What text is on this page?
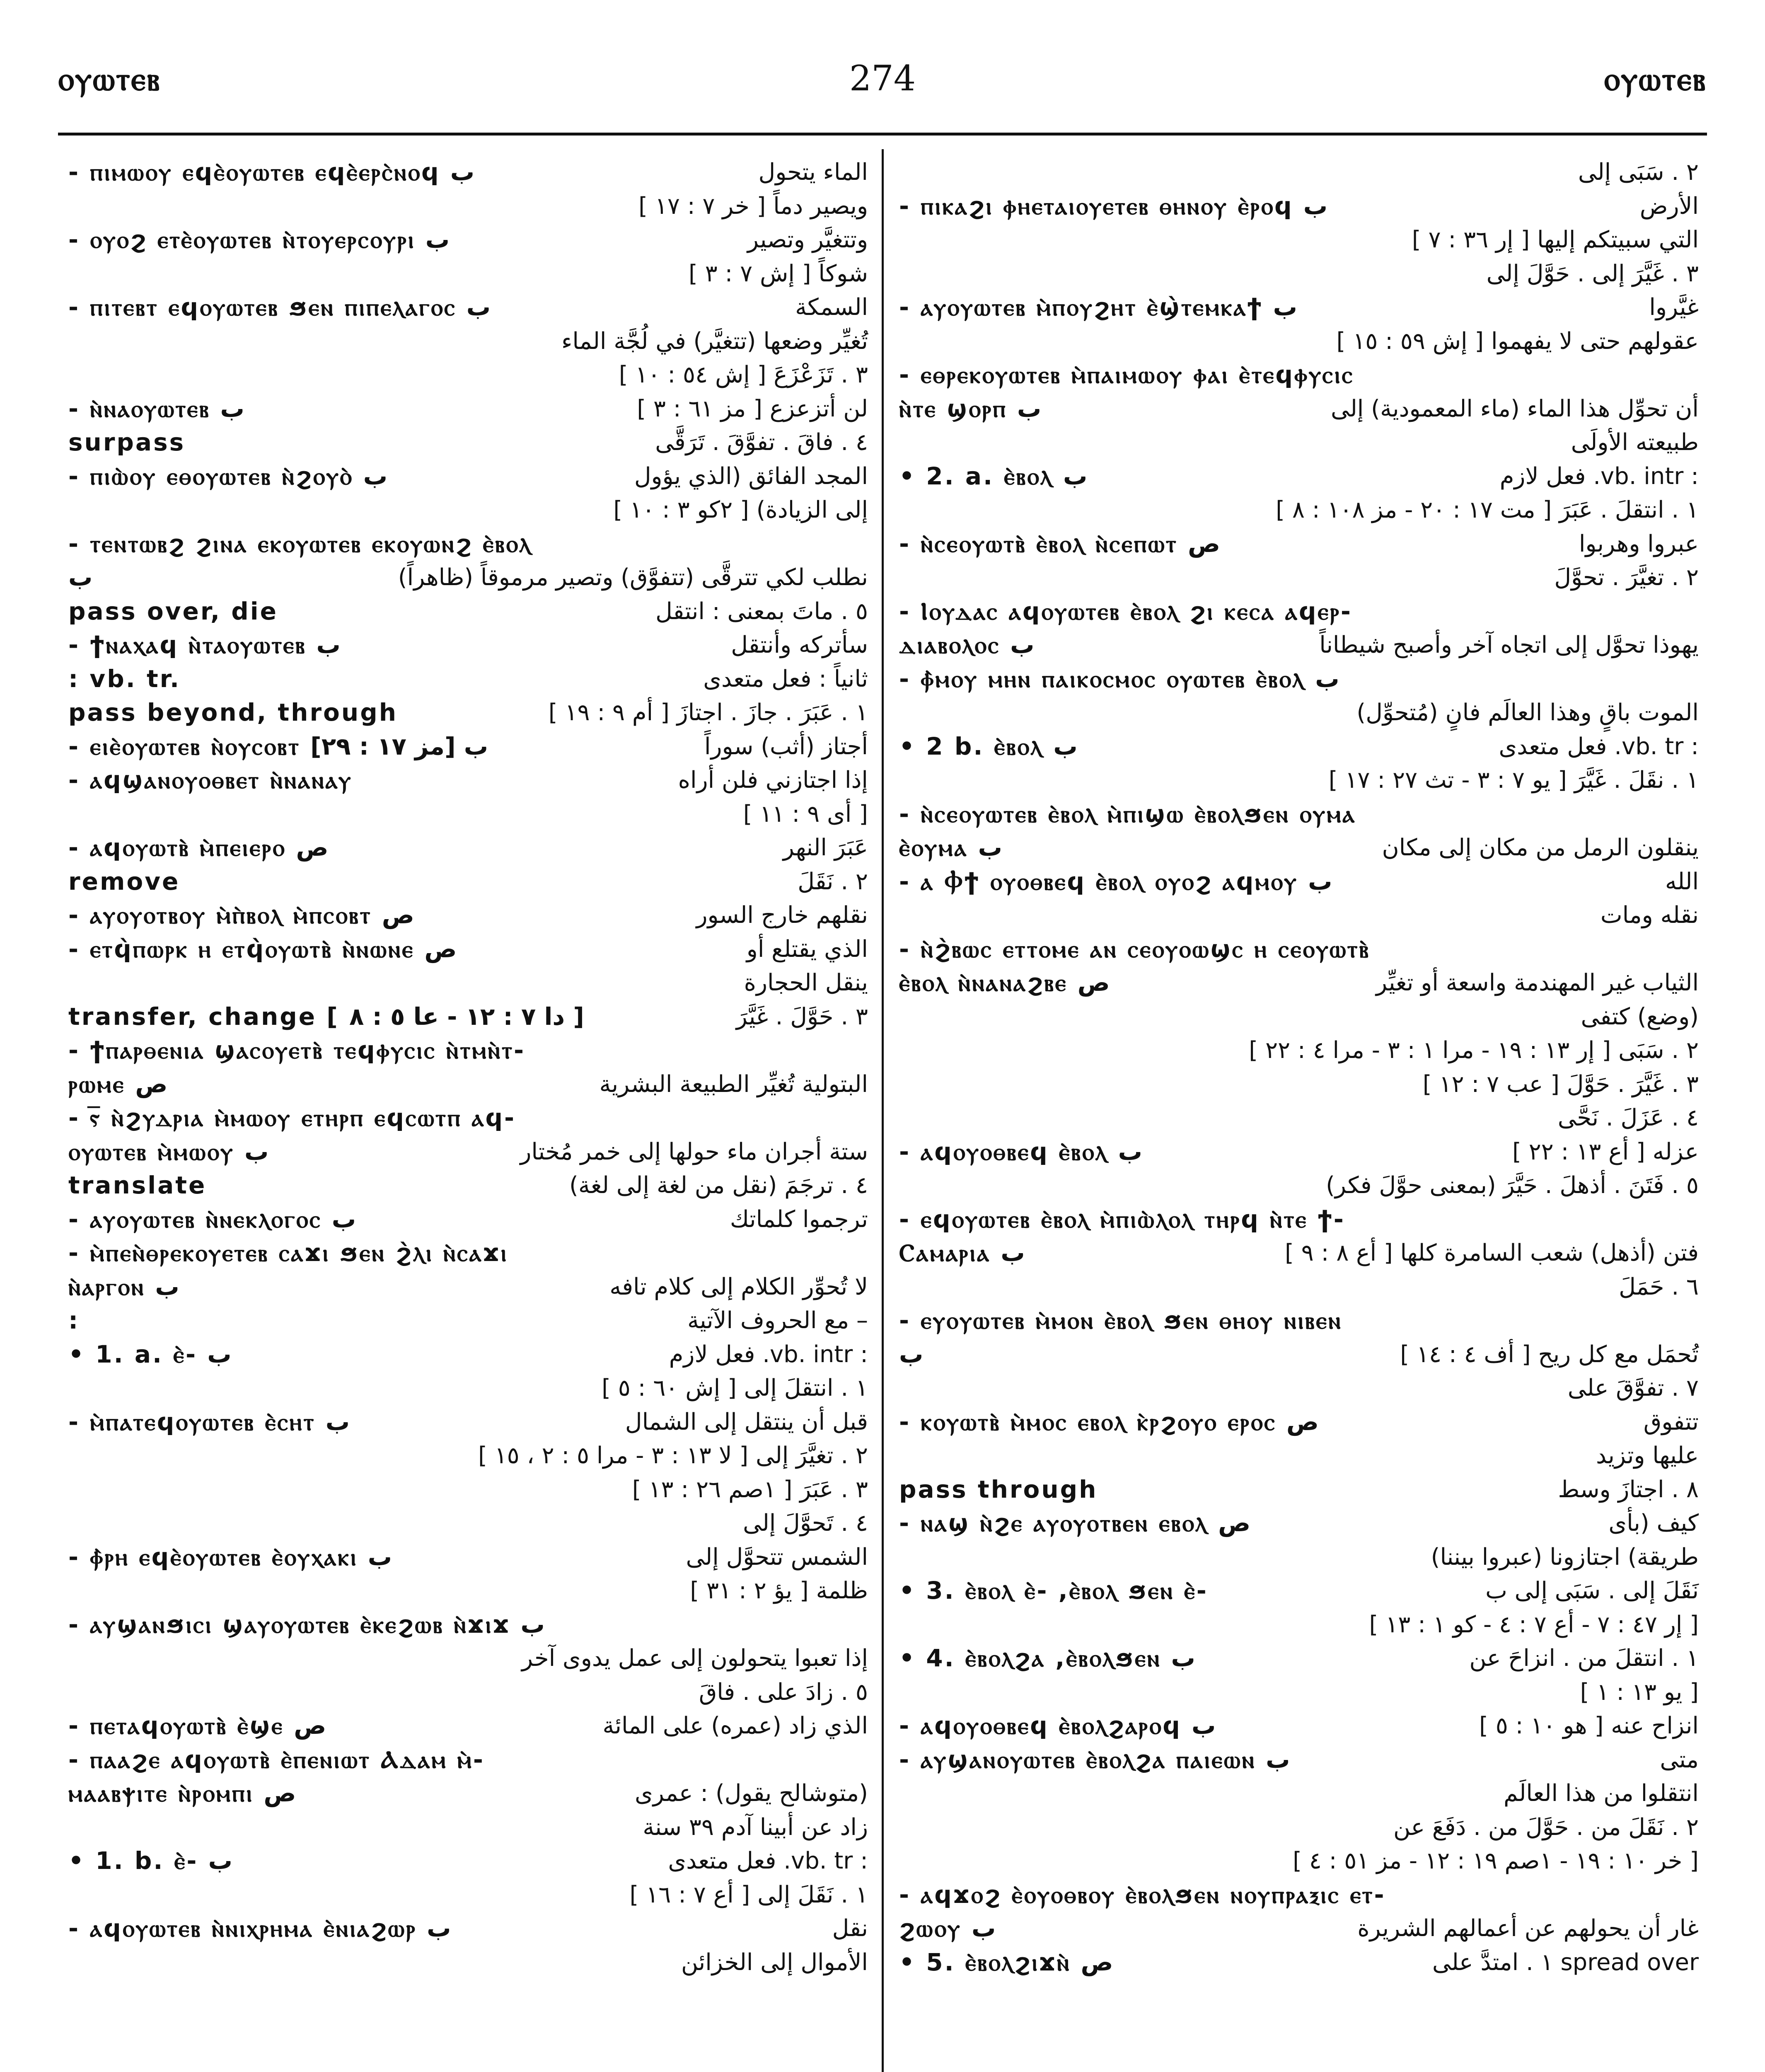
ⲟⲩⲱⲧⲉⲃ	274	ⲟⲩⲱⲧⲉⲃ
- ⲡⲓⲙⲱⲟⲩ ⲉϥⲉ̀ⲟⲩⲱⲧⲉⲃ ⲉϥⲉ̀ⲉⲣⲥ̀ⲛⲟϥ ب	الماء يتحول
ويصير دماً [ خر ٧ : ١٧ ]
- ⲟⲩⲟϩ ⲉⲧⲉ̀ⲟⲩⲱⲧⲉⲃ ⲛ̀ⲧⲟⲩⲉⲣⲥⲟⲩⲣⲓ ب	وتتغيَّر وتصير
شوكاً [ إش ٧ : ٣ ]
- ⲡⲓⲧⲉⲃⲧ ⲉϥⲟⲩⲱⲧⲉⲃ ϧⲉⲛ ⲡⲓⲡⲉⲗⲁⲅⲟⲥ ب	السمكة
تُغيِّر وضعها (تتغيَّر) في لُجَّة الماء
٣ . تَزَعْزَعَ [ إش ٥٤ : ١٠ ]
- ⲛ̀ⲛⲁⲟⲩⲱⲧⲉⲃ ب	لن أتزعزع [ مز ٦١ : ٣ ]
surpass	٤ . فاقَ . تفوَّقَ . تَرَقَّى
- ⲡⲓⲱ̀ⲟⲩ ⲉⲑⲟⲩⲱⲧⲉⲃ ⲛ̀ϩⲟⲩⲟ̀ ب	المجد الفائق (الذي يؤول
إلى الزيادة) [ ٢كو ٣ : ١٠ ]
- ⲧⲉⲛⲧⲱⲃϩ ϩⲓⲛⲁ ⲉⲕⲟⲩⲱⲧⲉⲃ ⲉⲕⲟⲩⲱⲛϩ ⲉ̀ⲃⲟⲗ
ب	نطلب لكي تترقَّى (تتفوَّق) وتصير مرموقاً (ظاهراً)
pass over, die	٥ . ماتَ بمعنى : انتقل
- ϯⲛⲁⲭⲁϥ ⲛ̀ⲧⲁⲟⲩⲱⲧⲉⲃ ب	سأتركه وأنتقل
: vb. tr.	ثانياً : فعل متعدى
pass beyond, through	١ . عَبَرَ . جازَ . اجتازَ [ أم ٩ : ١٩ ]
- ⲉⲓⲉ̀ⲟⲩⲱⲧⲉⲃ ⲛ̀ⲟⲩⲥⲟⲃⲧ ب [مز ١٧ : ٢٩]	أجتاز (أثب) سوراً
- ⲁϥϣⲁⲛⲟⲩⲟⲑⲃⲉⲧ ⲛ̀ⲛⲁⲛⲁⲩ	إذا اجتازني فلن أراه
[ أى ٩ : ١١ ]
- ⲁϥⲟⲩⲱⲧⲃ̀ ⲙ̀ⲡⲉⲓⲉⲣⲟ ص	عَبَرَ النهر
remove	٢ . نَقَلَ
- ⲁⲩⲟⲩⲟⲧⲃⲟⲩ ⲙ̀ⲡ̀ⲃⲟⲗ ⲙ̀ⲡⲥⲟⲃⲧ ص	نقلهم خارج السور
- ⲉⲧϥ̀ⲡⲱⲣⲕ ⲏ ⲉⲧϥ̀ⲟⲩⲱⲧⲃ̀ ⲛ̀ⲛⲱⲛⲉ ص	الذي يقتلع أو
ينقل الحجارة
transfer, change [ دا ٧ : ١٢ - عا ٥ : ٨ ]	٣ . حَوَّلَ . غَيَّرَ
- ϯⲡⲁⲣⲑⲉⲛⲓⲁ ϣⲁⲥⲟⲩⲉⲧⲃ̀ ⲧⲉϥⲫⲩⲥⲓⲥ ⲛ̀ⲧⲙⲛ̀ⲧ-
ⲣⲱⲙⲉ ص	البتولية تُغيِّر الطبيعة البشرية
- ⲋ̅ ⲛ̀ϩⲩⲇⲣⲓⲁ ⲙ̀ⲙⲱⲟⲩ ⲉⲧⲏⲣⲡ ⲉϥⲥⲱⲧⲡ ⲁϥ-
ⲟⲩⲱⲧⲉⲃ ⲙ̀ⲙⲱⲟⲩ ب	ستة أجران ماء حولها إلى خمر مُختار
translate	٤ . ترجَمَ (نقل من لغة إلى لغة)
- ⲁⲩⲟⲩⲱⲧⲉⲃ ⲛ̀ⲛⲉⲕⲗⲟⲅⲟⲥ ب	ترجموا كلماتك
- ⲙ̀ⲡⲉⲛ̀ⲑⲣⲉⲕⲟⲩⲉⲧⲉⲃ ⲥⲁϫⲓ ϧⲉⲛ ϩ̀ⲗⲓ ⲛ̀ⲥⲁϫⲓ
ⲛ̀ⲁⲣⲅⲟⲛ ب	لا تُحوِّر الكلام إلى كلام تافه
:	– مع الحروف الآتية
• 1. a. ⲉ̀- ب	: vb. intr. فعل لازم
١ . انتقلَ إلى [ إش ٦٠ : ٥ ]
- ⲙ̀ⲡⲁⲧⲉϥⲟⲩⲱⲧⲉⲃ ⲉ̀ⲥⲏⲧ ب	قبل أن ينتقل إلى الشمال
٢ . تغيَّرَ إلى [ لا ١٣ : ٣ - مرا ٥ : ٢ ، ١٥ ]
٣ . عَبَرَ [ ١صم ٢٦ : ١٣ ]
٤ . تَحوَّلَ إلى
- ⲫ̀ⲣⲏ ⲉϥⲉ̀ⲟⲩⲱⲧⲉⲃ ⲉ̀ⲟⲩⲭⲁⲕⲓ ب	الشمس تتحوَّل إلى
ظلمة [ يؤ ٢ : ٣١ ]
- ⲁⲩϣⲁⲛϧⲓⲥⲓ ϣⲁⲩⲟⲩⲱⲧⲉⲃ ⲉ̀ⲕⲉϩⲱⲃ ⲛ̀ϫⲓϫ ب
إذا تعبوا يتحولون إلى عمل يدوى آخر
٥ . زادَ على . فاقَ
- ⲡⲉⲧⲁϥⲟⲩⲱⲧⲃ̀ ⲉ̀ϣⲉ ص	الذي زاد (عمره) على المائة
- ⲡⲁⲁϩⲉ ⲁϥⲟⲩⲱⲧⲃ̀ ⲉ̀ⲡⲉⲛⲓⲱⲧ Ⲁⲇⲁⲙ ⲙ̀-
ⲙⲁⲁⲃⲯⲓⲧⲉ ⲛ̀ⲣⲟⲙⲡⲓ ص	(متوشالح يقول) : عمرى
زاد عن أبينا آدم ٣٩ سنة
• 1. b. ⲉ̀- ب	: vb. tr. فعل متعدى
١ . نَقَلَ إلى [ أع ٧ : ١٦ ]
- ⲁϥⲟⲩⲱⲧⲉⲃ ⲛ̀ⲛⲓⲭⲣⲏⲙⲁ ⲉ̀ⲛⲓⲁϩⲱⲣ ب	نقل
الأموال إلى الخزائن
٢ . سَبَى إلى
- ⲡⲓⲕⲁϩⲓ ⲫⲏⲉⲧⲁⲓⲟⲩⲉⲧⲉⲃ ⲑⲏⲛⲟⲩ ⲉ̀ⲣⲟϥ ب	الأرض
التي سبيتكم إليها [ إر ٣٦ : ٧ ]
٣ . غَيَّرَ إلى . حَوَّلَ إلى
- ⲁⲩⲟⲩⲱⲧⲉⲃ ⲙ̀ⲡⲟⲩϩⲏⲧ ⲉ̀ϣ̀ⲧⲉⲙⲕⲁϯ ب	غيَّروا
عقولهم حتى لا يفهموا [ إش ٥٩ : ١٥ ]
- ⲉⲑⲣⲉⲕⲟⲩⲱⲧⲉⲃ ⲙ̀ⲡⲁⲓⲙⲱⲟⲩ ⲫⲁⲓ ⲉ̀ⲧⲉϥⲫⲩⲥⲓⲥ
ⲛ̀ⲧⲉ ϣⲟⲣⲡ ب	أن تحوِّل هذا الماء (ماء المعمودية) إلى
طبيعته الأولَى
• 2. a. ⲉ̀ⲃⲟⲗ ب	: vb. intr. فعل لازم
١ . انتقلَ . عَبَرَ [ مت ١٧ : ٢٠ - مز ١٠٨ : ٨ ]
- ⲛ̀ⲥⲉⲟⲩⲱⲧⲃ̀ ⲉ̀ⲃⲟⲗ ⲛ̀ⲥⲉⲡⲱⲧ ص	عبروا وهربوا
٢ . تغيَّرَ . تحوَّلَ
- Ⲓⲟⲩⲇⲁⲥ ⲁϥⲟⲩⲱⲧⲉⲃ ⲉ̀ⲃⲟⲗ ϩⲓ ⲕⲉⲥⲁ ⲁϥⲉⲣ-
ⲇⲓⲁⲃⲟⲗⲟⲥ ب	يهوذا تحوَّل إلى اتجاه آخر وأصبح شيطاناً
- ⲫ̀ⲙⲟⲩ ⲙⲏⲛ ⲡⲁⲓⲕⲟⲥⲙⲟⲥ ⲟⲩⲱⲧⲉⲃ ⲉ̀ⲃⲟⲗ ب
الموت باقٍ وهذا العالَم فانٍ (مُتحوِّل)
• 2 b. ⲉ̀ⲃⲟⲗ ب	: vb. tr. فعل متعدى
١ . نقَلَ . غَيَّرَ [ يو ٧ : ٣ - تث ٢٧ : ١٧ ]
- ⲛ̀ⲥⲉⲟⲩⲱⲧⲉⲃ ⲉ̀ⲃⲟⲗ ⲙ̀ⲡⲓϣⲱ ⲉ̀ⲃⲟⲗϧⲉⲛ ⲟⲩⲙⲁ
ⲉ̀ⲟⲩⲙⲁ ب	ينقلون الرمل من مكان إلى مكان
- ⲁ Ⲫϯ ⲟⲩⲟⲑⲃⲉϥ ⲉ̀ⲃⲟⲗ ⲟⲩⲟϩ ⲁϥⲙⲟⲩ ب	الله
نقله ومات
- ⲛ̀ϩ̀ⲃⲱⲥ ⲉⲧⲧⲟⲙⲉ ⲁⲛ ⲥⲉⲟⲩⲟⲱϣⲥ ⲏ ⲥⲉⲟⲩⲱⲧⲃ̀
ⲉ̀ⲃⲟⲗ ⲛ̀ⲛⲁⲛⲁϩⲃⲉ ص	الثياب غير المهندمة واسعة أو تغيِّر
(وضع) كتفى
٢ . سَبَى [ إر ١٣ : ١٩ - مرا ١ : ٣ - مرا ٤ : ٢٢ ]
٣ . غَيَّرَ . حَوَّلَ [ عب ٧ : ١٢ ]
٤ . عَزَلَ . نَحَّى
- ⲁϥⲟⲩⲟⲑⲃⲉϥ ⲉ̀ⲃⲟⲗ ب	عزله [ أع ١٣ : ٢٢ ]
٥ . فَتَنَ . أذهلَ . حَيَّرَ (بمعنى حوَّلَ فكر)
- ⲉϥⲟⲩⲱⲧⲉⲃ ⲉ̀ⲃⲟⲗ ⲙ̀ⲡⲓⲱ̀ⲗⲟⲗ ⲧⲏⲣϥ ⲛ̀ⲧⲉ ϯ-
Ⲥⲁⲙⲁⲣⲓⲁ ب	فتن (أذهل) شعب السامرة كلها [ أع ٨ : ٩ ]
٦ . حَمَلَ
- ⲉⲩⲟⲩⲱⲧⲉⲃ ⲙ̀ⲙⲟⲛ ⲉ̀ⲃⲟⲗ ϧⲉⲛ ⲑⲏⲟⲩ ⲛⲓⲃⲉⲛ
ب	تُحمَل مع كل ريح [ أف ٤ : ١٤ ]
٧ . تفوَّقَ على
- ⲕⲟⲩⲱⲧⲃ̀ ⲙ̀ⲙⲟⲥ ⲉⲃⲟⲗ ⲕ̀ⲣϩⲟⲩⲟ ⲉⲣⲟⲥ ص	تتفوق
عليها وتزيد
pass through	٨ . اجتازَ وسط
- ⲛⲁϣ ⲛ̀ϩⲉ ⲁⲩⲟⲩⲟⲧⲃⲉⲛ ⲉⲃⲟⲗ ص	كيف (بأى
طريقة) اجتازونا (عبروا بيننا)
• 3. ⲉ̀ⲃⲟⲗ ⲉ̀- ,ⲉ̀ⲃⲟⲗ ϧⲉⲛ ⲉ̀-	نَقَلَ إلى . سَبَى إلى ب
[ إر ٤٧ : ٧ - أع ٧ : ٤ - كو ١ : ١٣ ]
• 4. ⲉ̀ⲃⲟⲗϩⲁ ,ⲉ̀ⲃⲟⲗϧⲉⲛ ب	١ . انتقلَ من . انزاحَ عن
[ يو ١٣ : ١ ]
- ⲁϥⲟⲩⲟⲑⲃⲉϥ ⲉ̀ⲃⲟⲗϩⲁⲣⲟϥ ب	انزاح عنه [ هو ١٠ : ٥ ]
- ⲁⲩϣⲁⲛⲟⲩⲱⲧⲉⲃ ⲉ̀ⲃⲟⲗϩⲁ ⲡⲁⲓⲉⲱⲛ ب	متى
انتقلوا من هذا العالَم
٢ . نَقَلَ من . حَوَّلَ من . دَفَعَ عن
[ خر ١٠ : ١٩ - ١صم ١٩ : ١٢ - مز ٥١ : ٤ ]
- ⲁϥϫⲟϩ ⲉ̀ⲟⲩⲟⲑⲃⲟⲩ ⲉ̀ⲃⲟⲗϧⲉⲛ ⲛⲟⲩⲡⲣⲁⲝⲓⲥ ⲉⲧ-
ϩⲱⲟⲩ ب	غار أن يحولهم عن أعمالهم الشريرة
• 5. ⲉ̀ⲃⲟⲗϩⲓϫⲛ̀ ص	spread over ١ . امتدَّ على
